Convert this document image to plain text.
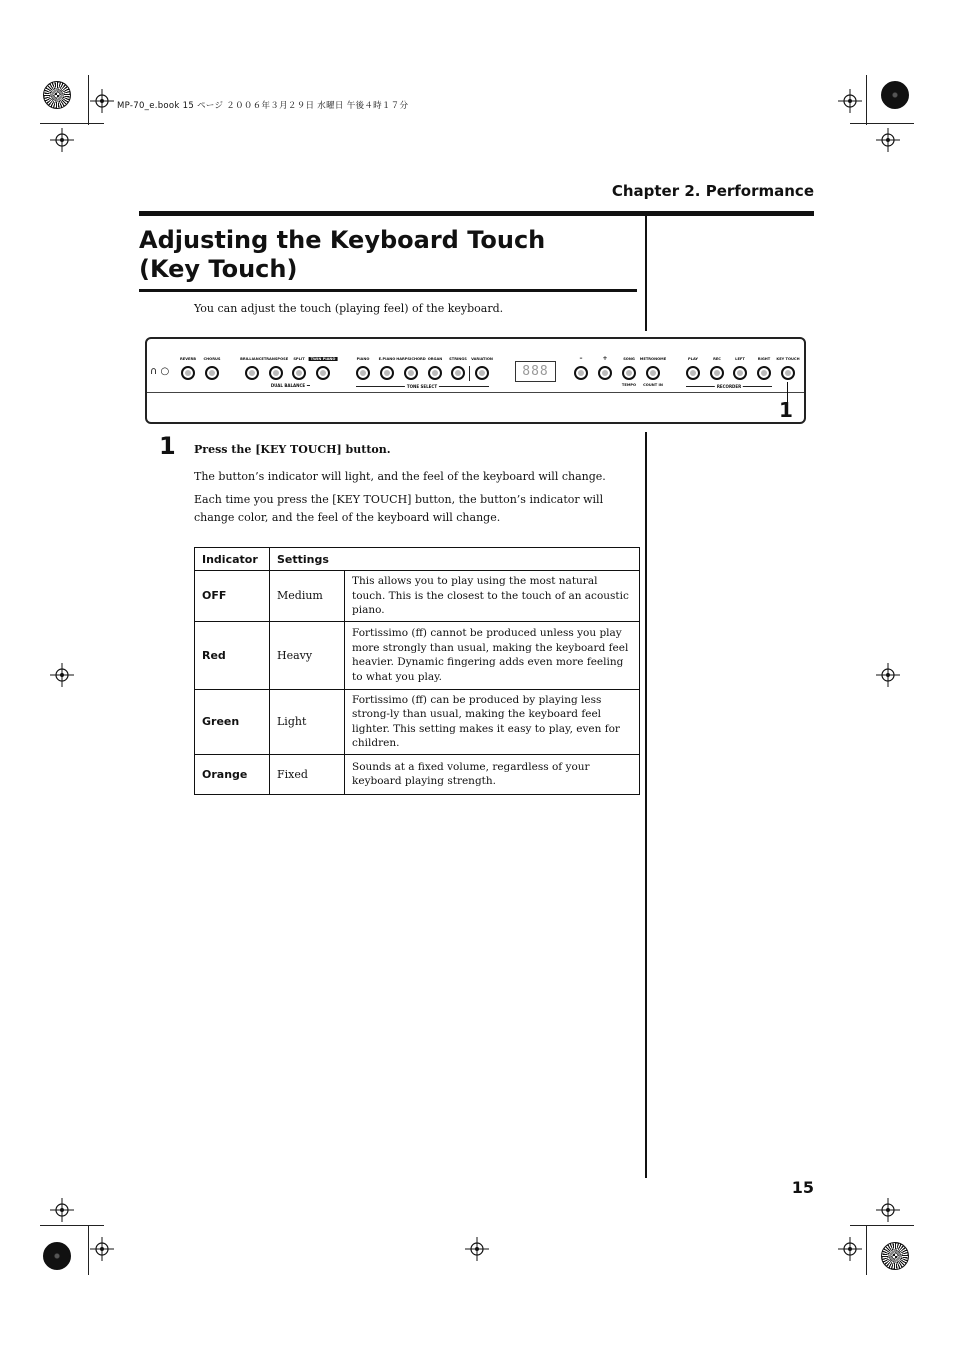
MP-70_e.book 15 ページ ２００６年３月２９日 水曜日 午後４時１７分
Chapter 2. Performance
Adjusting the Keyboard Touch
(Key Touch)
You can adjust the touch (playing feel) of the keyboard.
∩ ○
REVERB CHORUS	BRILLIANCE TRANSPOSE SPLIT	TWIN PIANO	PIANO	E.PIANO HARPSICHORD ORGAN STRINGS VARIATION	–	+	SONG METRONOME	PLAY	REC	LEFT	RIGHT KEY TOUCH
DUAL BALANCE	TONE SELECT	RECORDER
TEMPO COUNT IN
888
1
1 Press the [KEY TOUCH] button.
The button’s indicator will light, and the feel of the keyboard will change.
Each time you press the [KEY TOUCH] button, the button’s indicator will change color, and the feel of the keyboard will change.
Indicator	Settings	
OFF	Medium	This allows you to play using the most natural touch. This is the closest to the touch of an acoustic piano.
Red	Heavy	Fortissimo (ff) cannot be produced unless you play more strongly than usual, making the keyboard feel heavier. Dynamic fingering adds even more feeling to what you play.
Green	Light	Fortissimo (ff) can be produced by playing less strong-ly than usual, making the keyboard feel lighter. This setting makes it easy to play, even for children.
Orange	Fixed	Sounds at a fixed volume, regardless of your keyboard playing strength.
15
